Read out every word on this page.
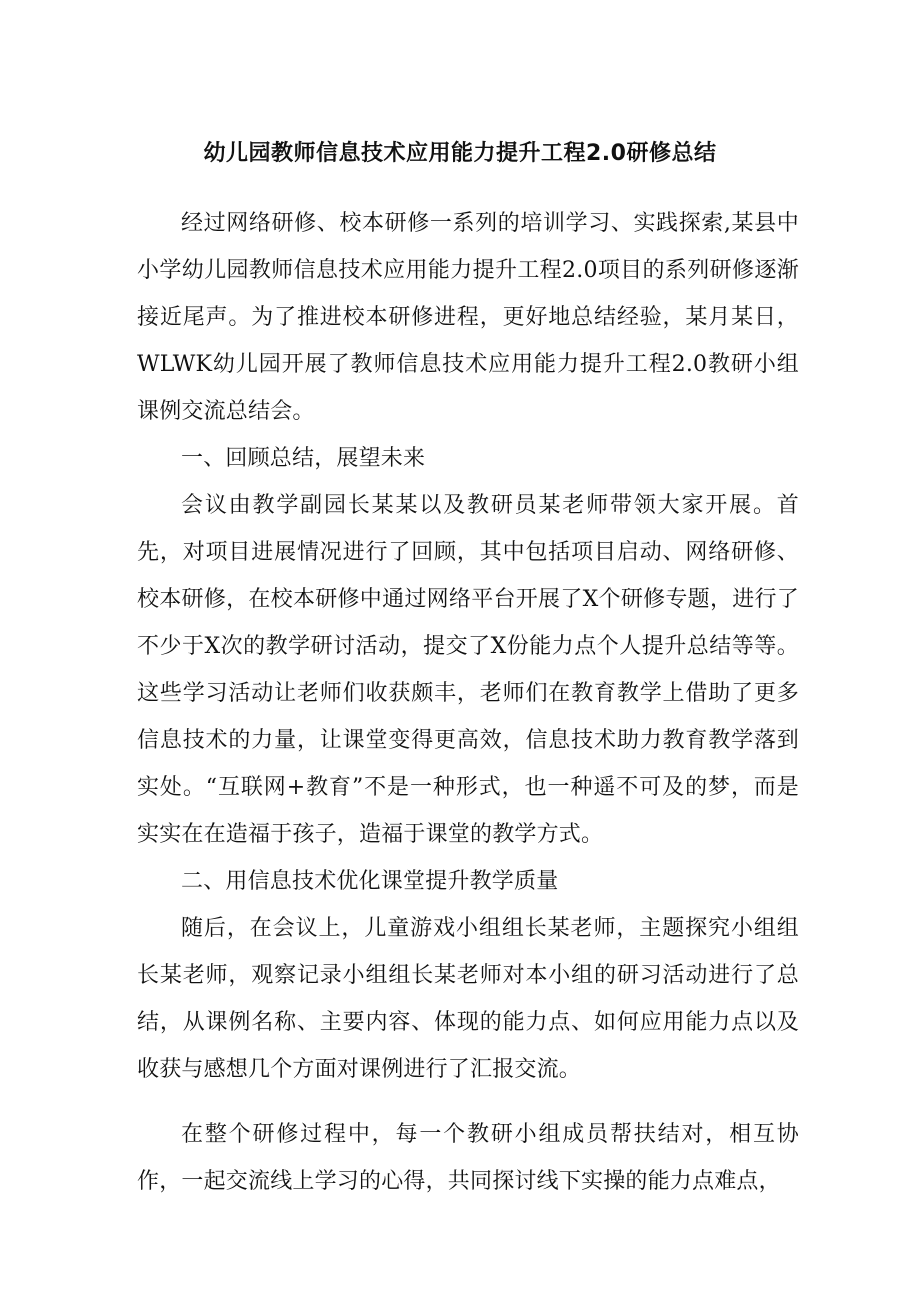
幼儿园教师信息技术应用能力提升工程2.0研修总结

经过网络研修、校本研修一系列的培训学习、实践探索,某县中小学幼儿园教师信息技术应用能力提升工程2.0项目的系列研修逐渐接近尾声。为了推进校本研修进程，更好地总结经验，某月某日，WLWK幼儿园开展了教师信息技术应用能力提升工程2.0教研小组课例交流总结会。

一、回顾总结，展望未来

会议由教学副园长某某以及教研员某老师带领大家开展。首先，对项目进展情况进行了回顾，其中包括项目启动、网络研修、校本研修，在校本研修中通过网络平台开展了X个研修专题，进行了不少于X次的教学研讨活动，提交了X份能力点个人提升总结等等。这些学习活动让老师们收获颇丰，老师们在教育教学上借助了更多信息技术的力量，让课堂变得更高效，信息技术助力教育教学落到实处。“互联网+教育”不是一种形式，也一种遥不可及的梦，而是实实在在造福于孩子，造福于课堂的教学方式。

二、用信息技术优化课堂提升教学质量

随后，在会议上，儿童游戏小组组长某老师，主题探究小组组长某老师，观察记录小组组长某老师对本小组的研习活动进行了总结，从课例名称、主要内容、体现的能力点、如何应用能力点以及收获与感想几个方面对课例进行了汇报交流。

在整个研修过程中，每一个教研小组成员帮扶结对，相互协作，一起交流线上学习的心得，共同探讨线下实操的能力点难点，
